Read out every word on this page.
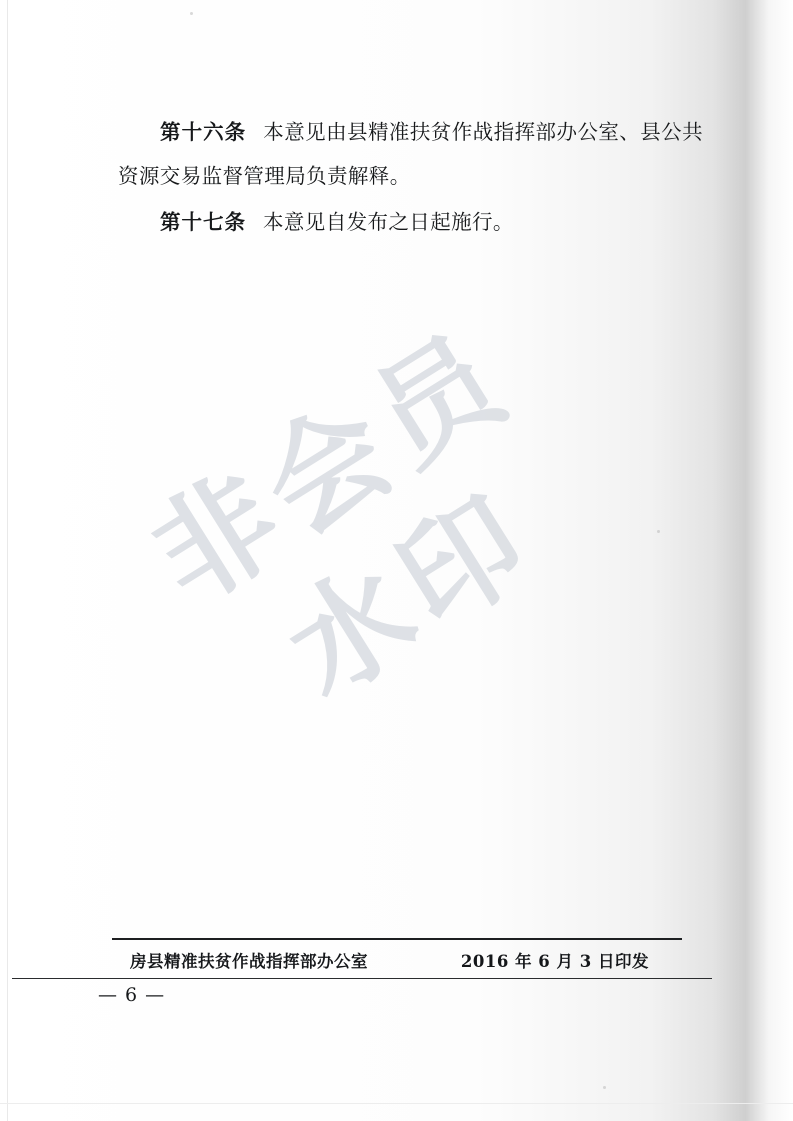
第十六条 本意见由县精准扶贫作战指挥部办公室、县公共资源交易监督管理局负责解释。

第十七条 本意见自发布之日起施行。

非会员水印
房县精准扶贫作战指挥部办公室	2016 年 6 月 3 日印发
— 6 —
